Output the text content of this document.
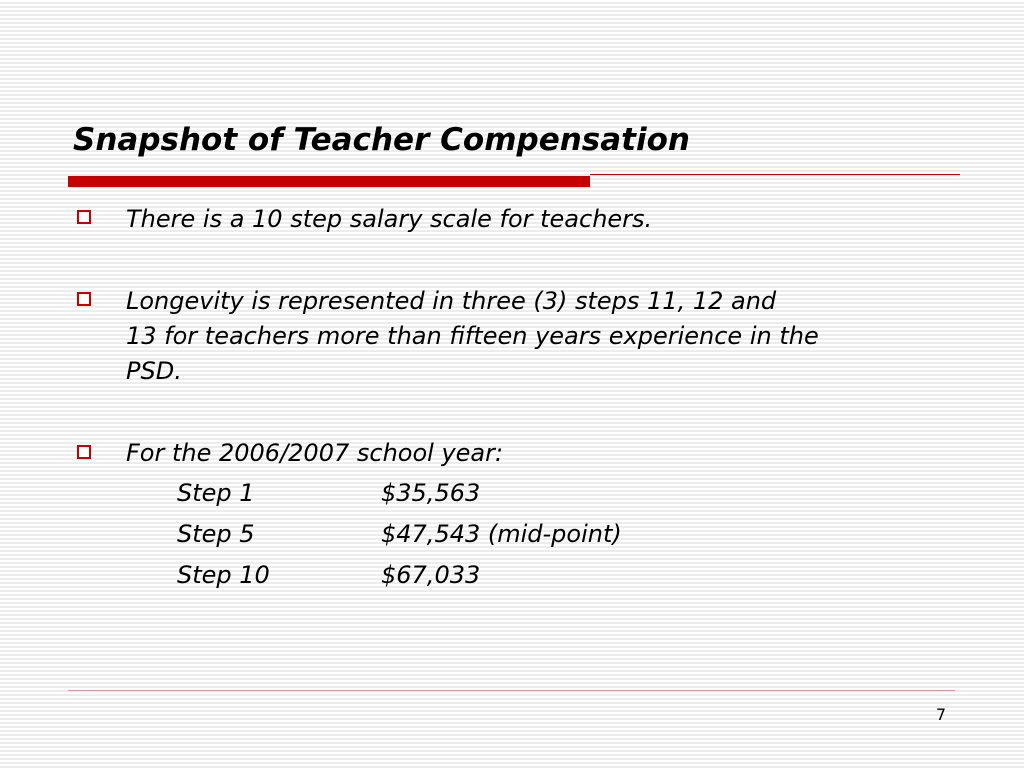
Snapshot of Teacher Compensation

There is a 10 step salary scale for teachers.

Longevity is represented in three (3) steps 11, 12 and

13 for teachers more than fifteen years experience in the

PSD.

For the 2006/2007 school year:

Step 1	$35,563

Step 5	$47,543 (mid-point)

Step 10	$67,033

7
